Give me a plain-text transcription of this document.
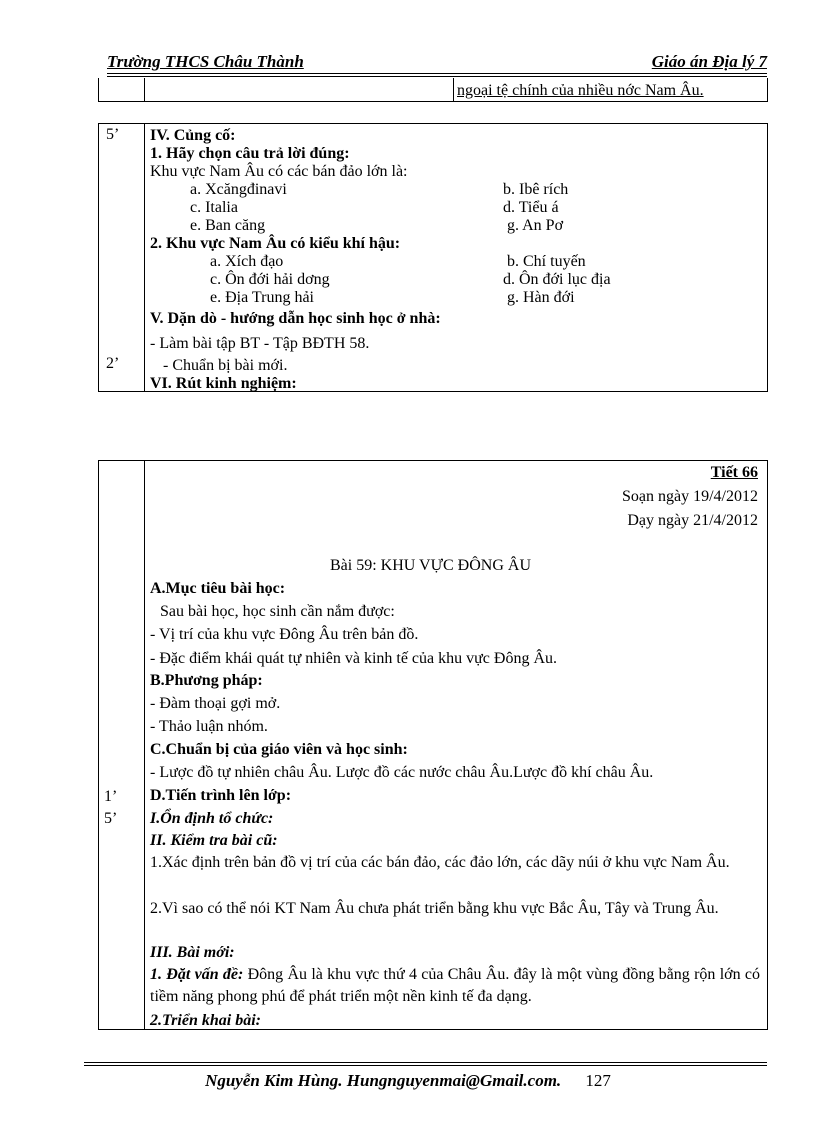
Trường THCS Châu Thành	Giáo án Địa lý 7
ngoại tệ chính của nhiều nớc Nam Âu.
5’
2’
IV. Củng cố:
1. Hãy chọn câu trả lời đúng:
Khu vực Nam Âu có các bán đảo lớn là:
a. Xcăngđinavi	b. Ibê rích
c. Italia	d. Tiểu á
e. Ban căng	g. An Pơ
2. Khu vực Nam Âu có kiểu khí hậu:
a. Xích đạo	b. Chí tuyến
c. Ôn đới hải dơng	d. Ôn đới lục địa
e. Địa Trung hải	g. Hàn đới
V. Dặn dò - hướng dẫn học sinh học ở nhà:
- Làm bài tập BT - Tập BĐTH 58.
- Chuẩn bị bài mới.
VI. Rút kinh nghiệm:
1’
5’
Tiết 66
Soạn ngày 19/4/2012
Dạy ngày 21/4/2012
Bài 59: KHU VỰC ĐÔNG ÂU
A.Mục tiêu bài học:
Sau bài học, học sinh cần nắm được:
- Vị trí của khu vực Đông Âu trên bản đồ.
- Đặc điểm khái quát tự nhiên và kinh tế của khu vực Đông Âu.
B.Phương pháp:
- Đàm thoại gợi mở.
- Thảo luận nhóm.
C.Chuẩn bị của giáo viên và học sinh:
- Lược đồ tự nhiên châu Âu. Lược đồ các nước châu Âu.Lược đồ khí châu Âu.
D.Tiến trình lên lớp:
I.Ổn định tổ chức:
II. Kiểm tra bài cũ:
1.Xác định trên bản đồ vị trí của các bán đảo, các đảo lớn, các dãy núi ở khu vực Nam Âu.
2.Vì sao có thể nói KT Nam Âu chưa phát triển bằng khu vực Bắc Âu, Tây và Trung Âu.
III. Bài mới:
1. Đặt vấn đề: Đông Âu là khu vực thứ 4 của Châu Âu. đây là một vùng đồng bằng rộn lớn có tiềm năng phong phú để phát triển một nền kinh tế đa dạng.
2.Triển khai bài:
Nguyễn Kim Hùng. Hungnguyenmai@Gmail.com. 127
